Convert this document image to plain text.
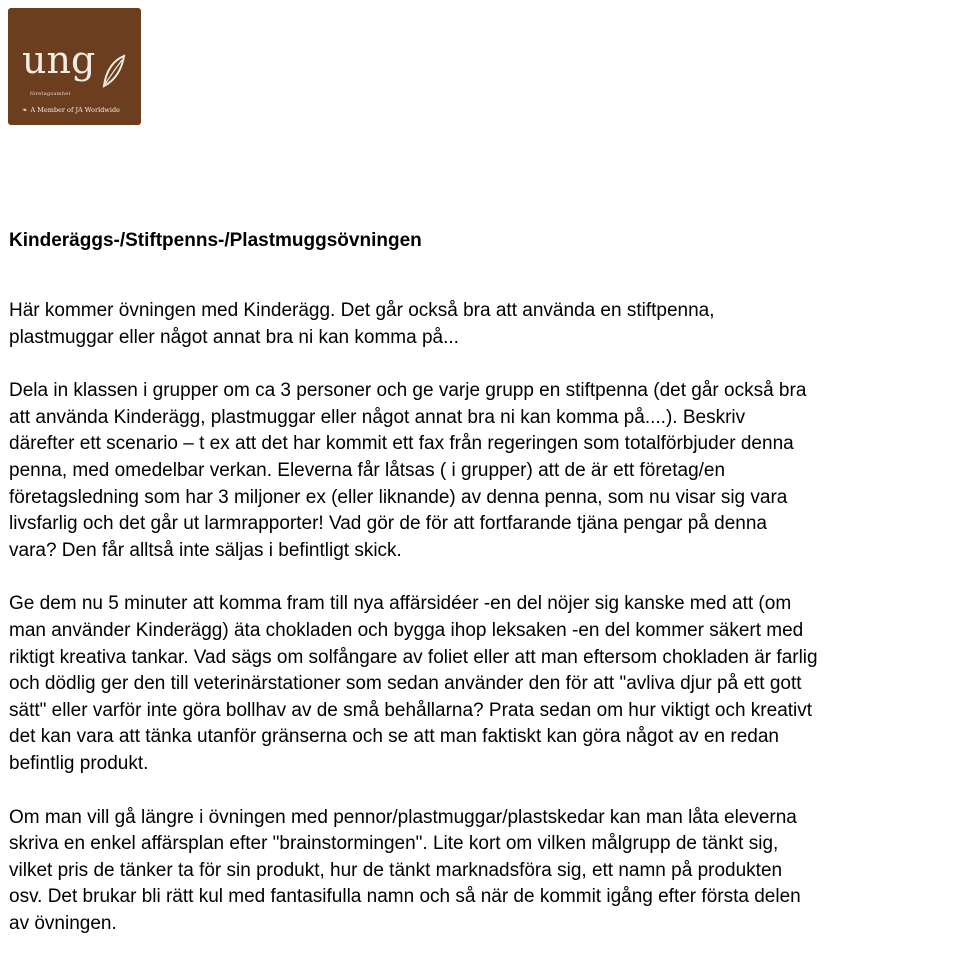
ung
företagsamhet
❧ A Member of JA Worldwide
Kinderäggs-/Stiftpenns-/Plastmuggsövningen

Här kommer övningen med Kinderägg. Det går också bra att använda en stiftpenna,
plastmuggar eller något annat bra ni kan komma på...

Dela in klassen i grupper om ca 3 personer och ge varje grupp en stiftpenna (det går också bra
att använda Kinderägg, plastmuggar eller något annat bra ni kan komma på....). Beskriv
därefter ett scenario – t ex att det har kommit ett fax från regeringen som totalförbjuder denna
penna, med omedelbar verkan. Eleverna får låtsas ( i grupper) att de är ett företag/en
företagsledning som har 3 miljoner ex (eller liknande) av denna penna, som nu visar sig vara
livsfarlig och det går ut larmrapporter! Vad gör de för att fortfarande tjäna pengar på denna
vara? Den får alltså inte säljas i befintligt skick.

Ge dem nu 5 minuter att komma fram till nya affärsidéer -en del nöjer sig kanske med att (om
man använder Kinderägg) äta chokladen och bygga ihop leksaken -en del kommer säkert med
riktigt kreativa tankar. Vad sägs om solfångare av foliet eller att man eftersom chokladen är farlig
och dödlig ger den till veterinärstationer som sedan använder den för att "avliva djur på ett gott
sätt" eller varför inte göra bollhav av de små behållarna? Prata sedan om hur viktigt och kreativt
det kan vara att tänka utanför gränserna och se att man faktiskt kan göra något av en redan
befintlig produkt.

Om man vill gå längre i övningen med pennor/plastmuggar/plastskedar kan man låta eleverna
skriva en enkel affärsplan efter "brainstormingen". Lite kort om vilken målgrupp de tänkt sig,
vilket pris de tänker ta för sin produkt, hur de tänkt marknadsföra sig, ett namn på produkten
osv. Det brukar bli rätt kul med fantasifulla namn och så när de kommit igång efter första delen
av övningen.
